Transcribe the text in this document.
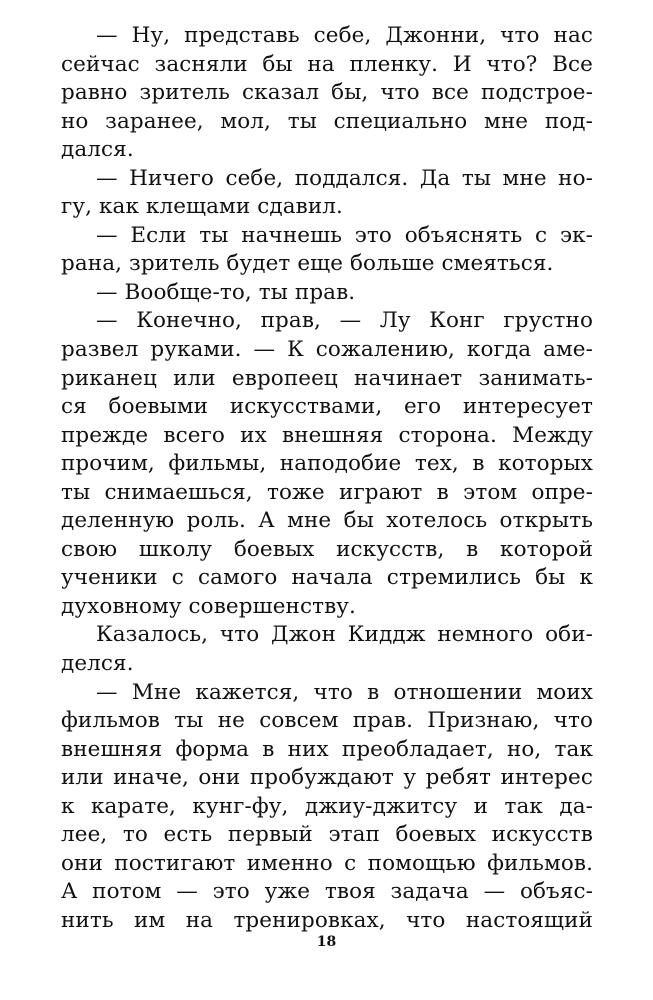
— Ну, представь себе, Джонни, что нас
сейчас засняли бы на пленку. И что? Все
равно зритель сказал бы, что все подстрое-
но заранее, мол, ты специально мне под-
дался.
— Ничего себе, поддался. Да ты мне но-
гу, как клещами сдавил.
— Если ты начнешь это объяснять с эк-
рана, зритель будет еще больше смеяться.
— Вообще-то, ты прав.
— Конечно, прав, — Лу Конг грустно
развел руками. — К сожалению, когда аме-
риканец или европеец начинает занимать-
ся боевыми искусствами, его интересует
прежде всего их внешняя сторона. Между
прочим, фильмы, наподобие тех, в которых
ты снимаешься, тоже играют в этом опре-
деленную роль. А мне бы хотелось открыть
свою школу боевых искусств, в которой
ученики с самого начала стремились бы к
духовному совершенству.
Казалось, что Джон Киддж немного оби-
делся.
— Мне кажется, что в отношении моих
фильмов ты не совсем прав. Признаю, что
внешняя форма в них преобладает, но, так
или иначе, они пробуждают у ребят интерес
к карате, кунг-фу, джиу-джитсу и так да-
лее, то есть первый этап боевых искусств
они постигают именно с помощью фильмов.
А потом — это уже твоя задача — объяс-
нить им на тренировках, что настоящий
18
